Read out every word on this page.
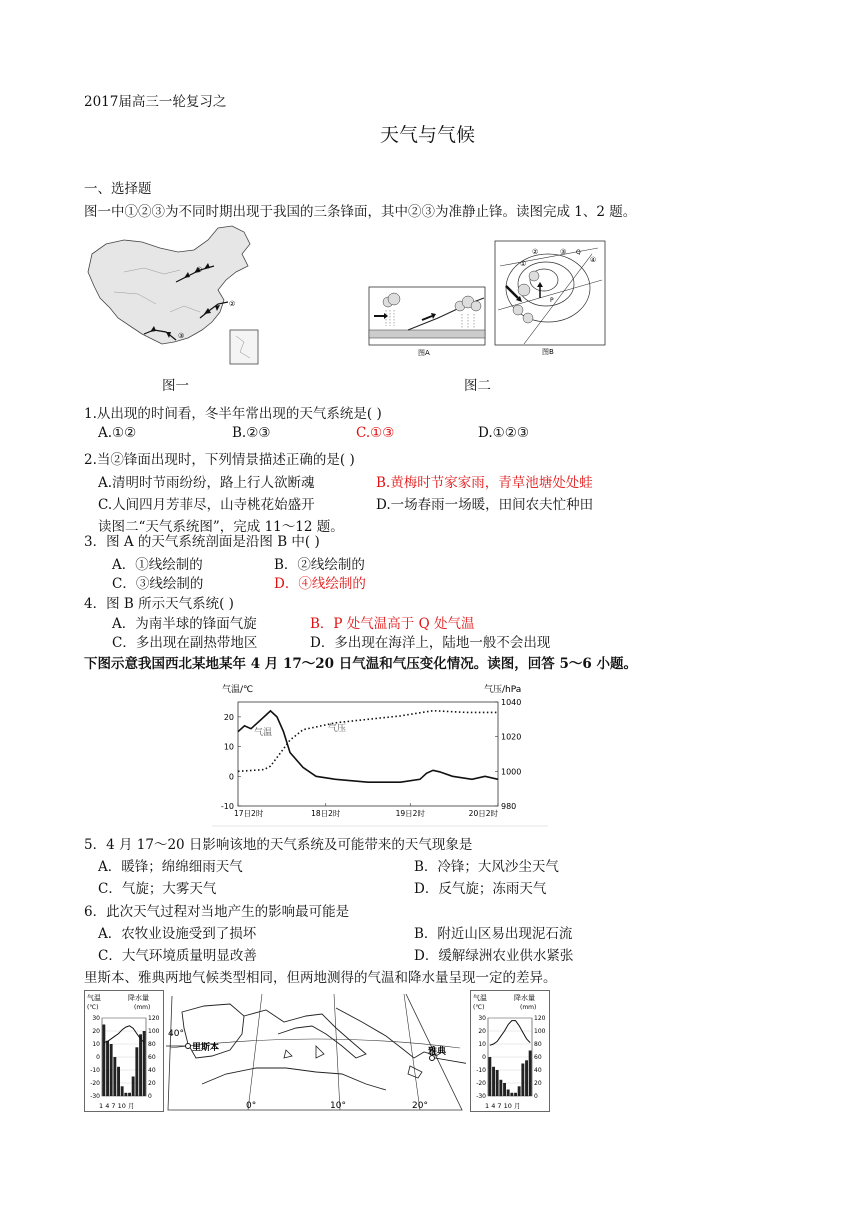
2017届高三一轮复习之
天气与气候
一、选择题
图一中①②③为不同时期出现于我国的三条锋面，其中②③为准静止锋。读图完成 1、2 题。
①
②
③
图A
②	③ Q
④
①
P
图B
图一	图二
1.从出现的时间看，冬半年常出现的天气系统是( )
A.①②	B.②③	C.①③	D.①②③
2.当②锋面出现时，下列情景描述正确的是( )
A.清明时节雨纷纷，路上行人欲断魂	B.黄梅时节家家雨，青草池塘处处蛙
C.人间四月芳菲尽，山寺桃花始盛开	D.一场春雨一场暖，田间农夫忙种田
读图二“天气系统图”，完成 11～12 题。
3．图 A 的天气系统剖面是沿图 B 中( )
A．①线绘制的	B．②线绘制的
C．③线绘制的	D．④线绘制的
4．图 B 所示天气系统( )
A．为南半球的锋面气旋	B．P 处气温高于 Q 处气温
C．多出现在副热带地区	D．多出现在海洋上，陆地一般不会出现
下图示意我国西北某地某年 4 月 17～20 日气温和气压变化情况。读图，回答 5～6 小题。
气温/℃	气压/hPa
20
10
0
-10
1040
1020
1000
980
17日2时	18日2时	19日2时	20日2时
气温	气压
5．4 月 17～20 日影响该地的天气系统及可能带来的天气现象是
A．暖锋；绵绵细雨天气	B．冷锋；大风沙尘天气
C．气旋；大雾天气	D．反气旋；冻雨天气
6．此次天气过程对当地产生的影响最可能是
A．农牧业设施受到了损坏	B．附近山区易出现泥石流
C．大气环境质量明显改善	D．缓解绿洲农业供水紧张
里斯本、雅典两地气候类型相同，但两地测得的气温和降水量呈现一定的差异。
气温
(℃)
降水量
(mm)
30
20
10
0
-10
-20
-30
120
100
80
60
40
20
0
1 4 7 10 月
里斯本	雅典
40°
0°	10°	20°
气温
(℃)
降水量
(mm)
30
20
10
0
-10
-20
-30
120
100
80
60
40
20
0
1 4 7 10 月
